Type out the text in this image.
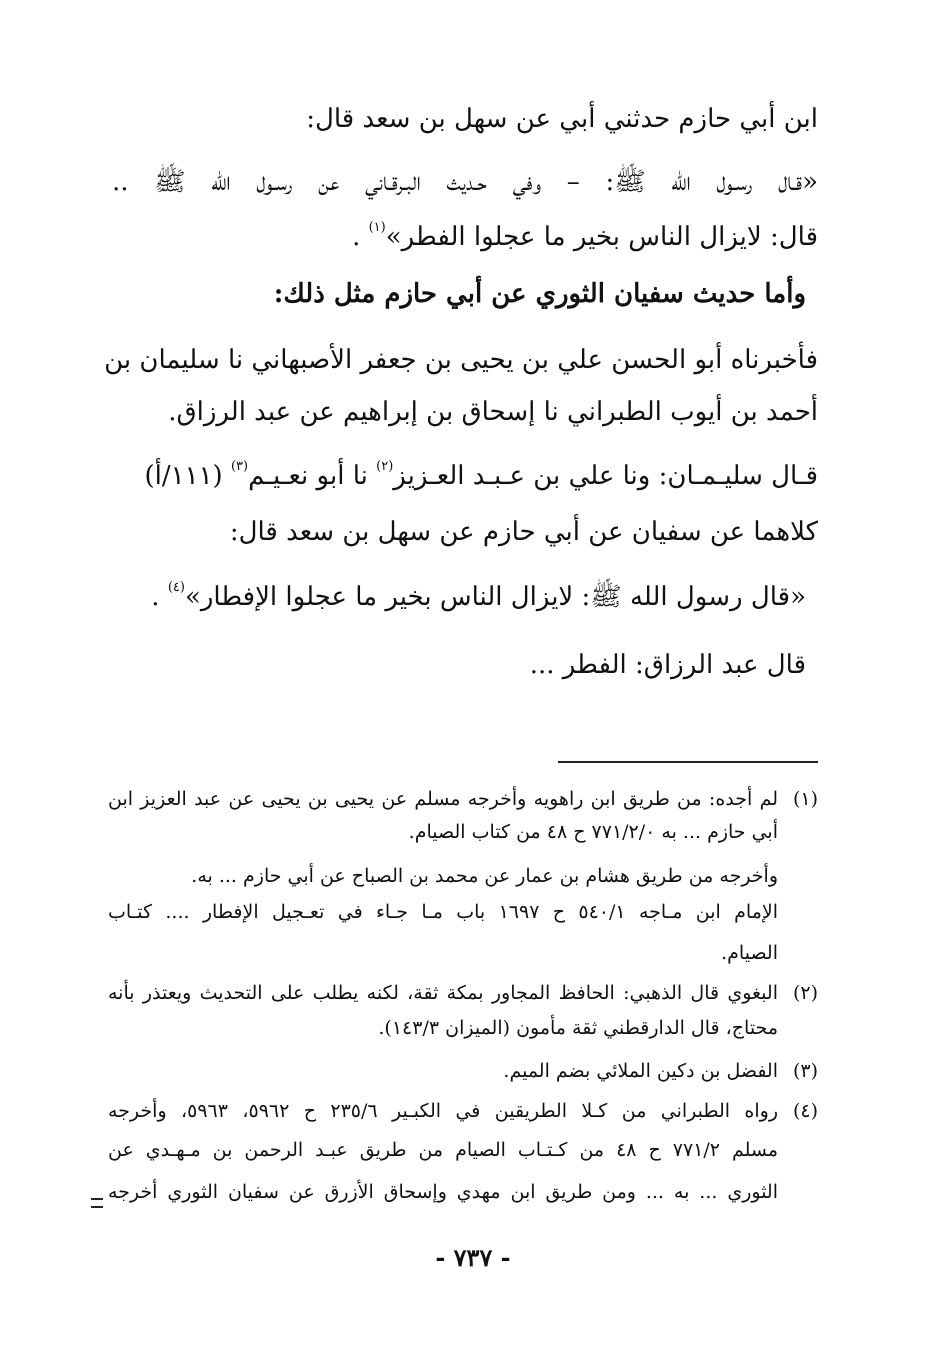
ابن أبي حازم حدثني أبي عن سهل بن سعد قال:
«قـال رسـول الله ﷺ: – وفي حـديث البـرقـاني عن رسـول الله ﷺ ..
قال: لايزال الناس بخير ما عجلوا الفطر»$^{(١)}$ .
وأما حديث سفيان الثوري عن أبي حازم مثل ذلك:
فأخبرناه أبو الحسن علي بن يحيى بن جعفر الأصبهاني نا سليمان بن
أحمد بن أيوب الطبراني نا إسحاق بن إبراهيم عن عبد الرزاق.
قـال سليـمـان: ونا علي بن عـبـد العـزيز$^{(٢)}$ نا أبو نعـيـم$^{(٣)}$ (١١١/أ)
كلاهما عن سفيان عن أبي حازم عن سهل بن سعد قال:
«قال رسول الله ﷺ: لايزال الناس بخير ما عجلوا الإفطار»$^{(٤)}$ .
قال عبد الرزاق: الفطر ...
(١)لم أجده: من طريق ابن راهويه وأخرجه مسلم عن يحيى بن يحيى عن عبد العزيز ابن
أبي حازم ... به ٧٧١/٢/٠ ح ٤٨ من كتاب الصيام.
وأخرجه من طريق هشام بن عمار عن محمد بن الصباح عن أبي حازم ... به.
الإمام ابن مـاجه ٥٤٠/١ ح ١٦٩٧ باب مـا جـاء في تعـجيل الإفطار .... كتـاب
الصيام.
(٢)البغوي قال الذهبي: الحافظ المجاور بمكة ثقة، لكنه يطلب على التحديث ويعتذر بأنه
محتاج، قال الدارقطني ثقة مأمون (الميزان ١٤٣/٣).
(٣)الفضل بن دكين الملائي بضم الميم.
(٤)رواه الطبراني من كـلا الطريقين في الكبـير ٢٣٥/٦ ح ٥٩٦٢، ٥٩٦٣، وأخرجه
مسلم ٧٧١/٢ ح ٤٨ من كـتـاب الصيام من طريق عبـد الرحمن بن مـهـدي عن
الثوري ... به ... ومن طريق ابن مهدي وإسحاق الأزرق عن سفيان الثوري أخرجه
- ٧٣٧ -
